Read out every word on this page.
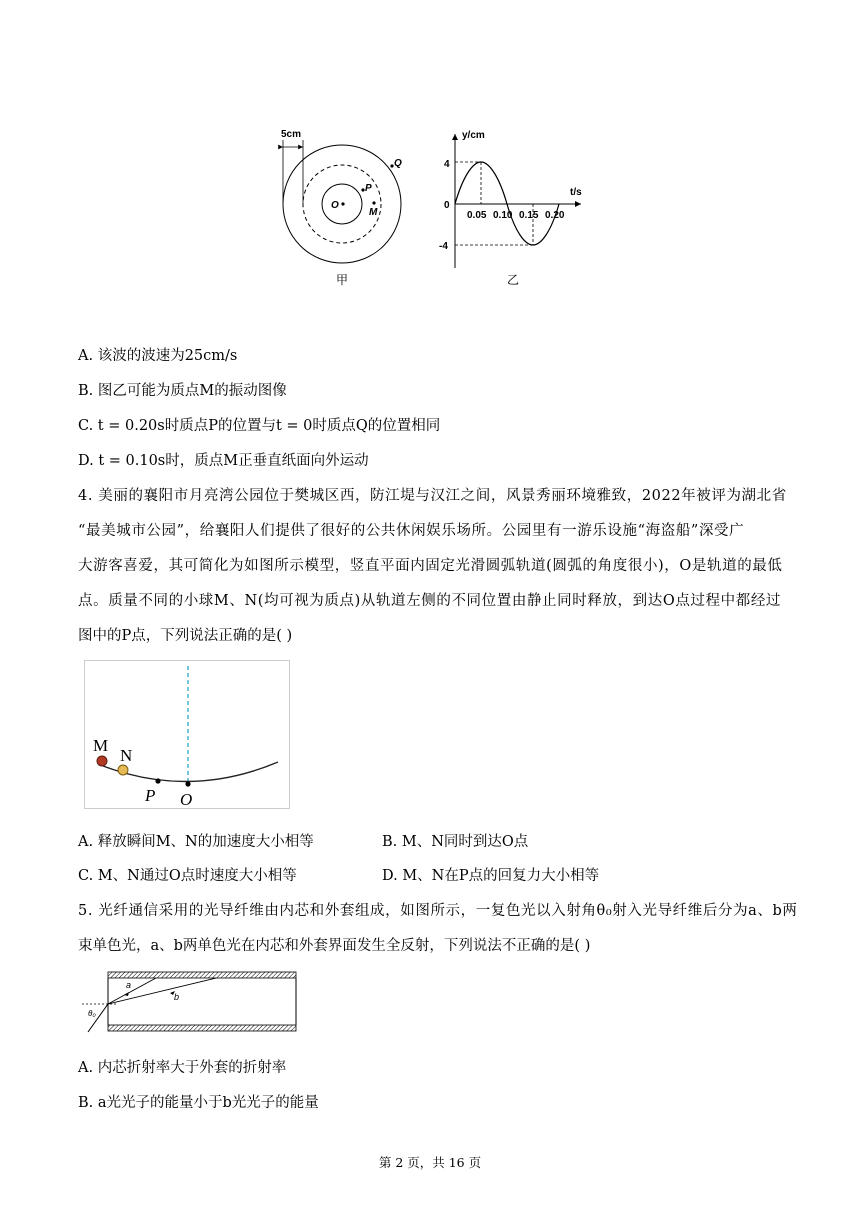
5cm
O
P
M
Q
甲
y/cm
t/s
4
0
-4
0.05 0.10 0.15 0.20
乙
A. 该波的波速为25cm/s
B. 图乙可能为质点M的振动图像
C. t = 0.20s时质点P的位置与t = 0时质点Q的位置相同
D. t = 0.10s时，质点M正垂直纸面向外运动
4. 美丽的襄阳市月亮湾公园位于樊城区西，防江堤与汉江之间，风景秀丽环境雅致，2022年被评为湖北省
“最美城市公园”，给襄阳人们提供了很好的公共休闲娱乐场所。公园里有一游乐设施“海盗船”深受广
大游客喜爱，其可简化为如图所示模型，竖直平面内固定光滑圆弧轨道(圆弧的角度很小)，O是轨道的最低
点。质量不同的小球M、N(均可视为质点)从轨道左侧的不同位置由静止同时释放，到达O点过程中都经过
图中的P点，下列说法正确的是( )
M
N
P O
A. 释放瞬间M、N的加速度大小相等	B. M、N同时到达O点
C. M、N通过O点时速度大小相等	D. M、N在P点的回复力大小相等
5. 光纤通信采用的光导纤维由内芯和外套组成，如图所示，一复色光以入射角θ₀射入光导纤维后分为a、b两
束单色光，a、b两单色光在内芯和外套界面发生全反射，下列说法不正确的是( )
a
b
θ₀
A. 内芯折射率大于外套的折射率
B. a光光子的能量小于b光光子的能量
第 2 页，共 16 页
